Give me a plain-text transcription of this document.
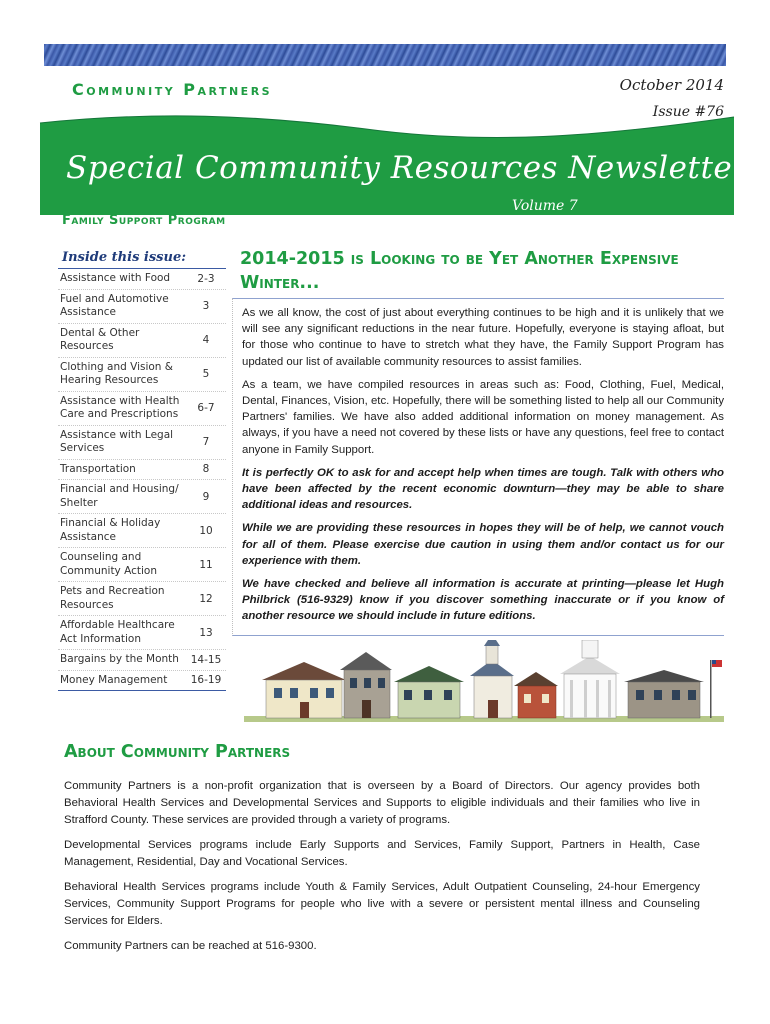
Community Partners	October 2014
Issue #76
Special Community Resources Newsletter
Volume 7
Family Support Program
Inside this issue:
Assistance with Food	2-3
Fuel and Automotive Assistance	3
Dental & Other Resources	4
Clothing and Vision & Hearing Resources	5
Assistance with Health Care and Prescriptions	6-7
Assistance with Legal Services	7
Transportation	8
Financial and Housing/ Shelter	9
Financial & Holiday Assistance	10
Counseling and Community Action	11
Pets and Recreation Resources	12
Affordable Healthcare Act Information	13
Bargains by the Month	14-15
Money Management	16-19
2014-2015 is Looking to be Yet Another Expensive Winter...

As we all know, the cost of just about everything continues to be high and it is unlikely that we will see any significant reductions in the near future. Hopefully, everyone is staying afloat, but for those who continue to have to stretch what they have, the Family Support Program has updated our list of available community resources to assist families.

As a team, we have compiled resources in areas such as: Food, Clothing, Fuel, Medical, Dental, Finances, Vision, etc. Hopefully, there will be something listed to help all our Community Partners' families. We have also added additional information on money management. As always, if you have a need not covered by these lists or have any questions, feel free to contact anyone in Family Support.

It is perfectly OK to ask for and accept help when times are tough. Talk with others who have been affected by the recent economic downturn—they may be able to share additional ideas and resources.

While we are providing these resources in hopes they will be of help, we cannot vouch for all of them. Please exercise due caution in using them and/or contact us for our experience with them.

We have checked and believe all information is accurate at printing—please let Hugh Philbrick (516-9329) know if you discover something inaccurate or if you know of another resource we should include in future editions.

About Community Partners

Community Partners is a non-profit organization that is overseen by a Board of Directors. Our agency provides both Behavioral Health Services and Developmental Services and Supports to eligible individuals and their families who live in Strafford County. These services are provided through a variety of programs.

Developmental Services programs include Early Supports and Services, Family Support, Partners in Health, Case Management, Residential, Day and Vocational Services.

Behavioral Health Services programs include Youth & Family Services, Adult Outpatient Counseling, 24-hour Emergency Services, Community Support Programs for people who live with a severe or persistent mental illness and Counseling Services for Elders.

Community Partners can be reached at 516-9300.
